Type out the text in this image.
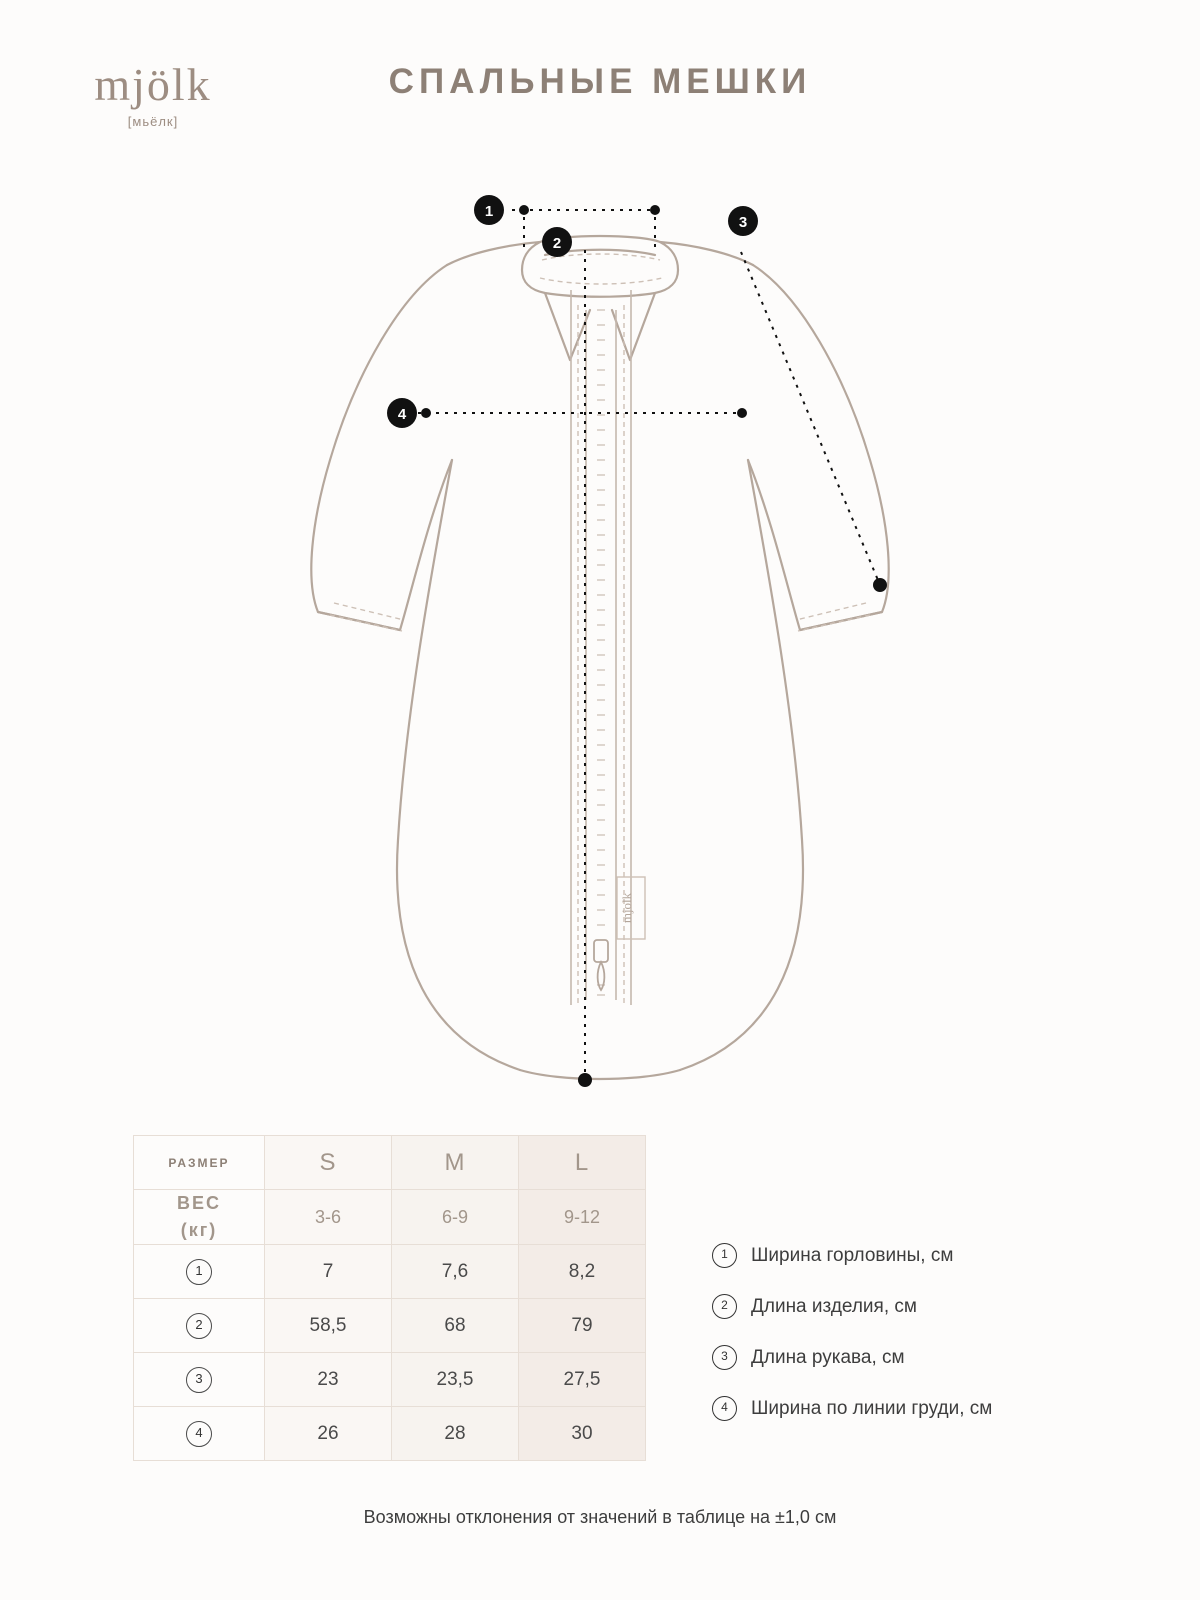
mjölk
[мьёлк]
СПАЛЬНЫЕ МЕШКИ
mjolk
1
2
3
4
РАЗМЕР	S	M	L
ВЕС
(кг)	3-6	6-9	9-12
1	7	7,6	8,2
2	58,5	68	79
3	23	23,5	27,5
4	26	28	30
1	Ширина горловины, см
2	Длина изделия, см
3	Длина рукава, см
4	Ширина по линии груди, см
Возможны отклонения от значений в таблице на ±1,0 см
